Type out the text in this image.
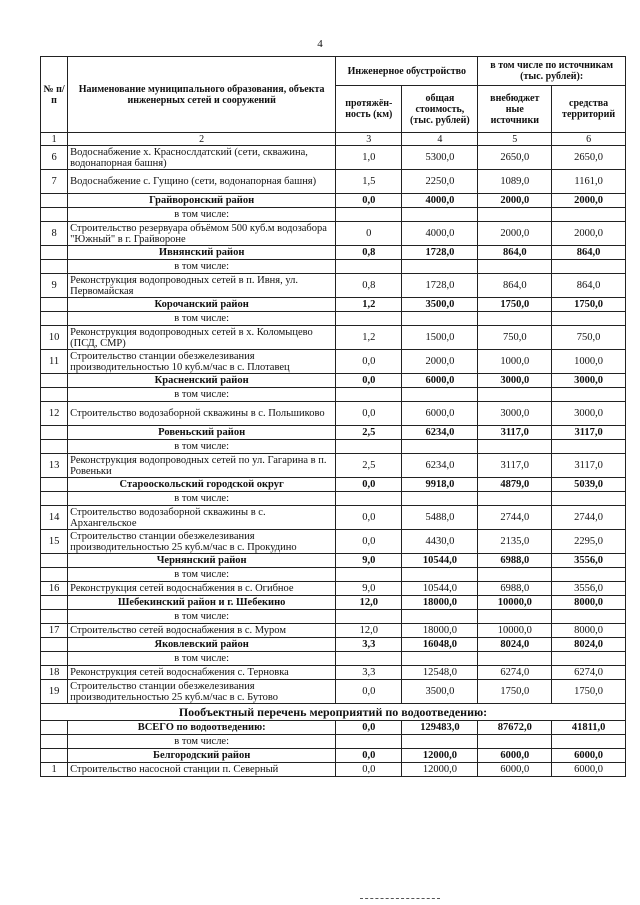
4
№ п/п	Наименование муниципального образования, объекта инженерных сетей и сооружений	Инженерное обустройство		в том числе по источникам (тыс. рублей):	
		протяжён-ность (км)	общая стоимость, (тыс. рублей)	внебюджет ные источники	средства территорий
1	2	3	4	5	6
6	Водоснабжение х. Краснослдатский (сети, скважина, водонапорная башня)	1,0	5300,0	2650,0	2650,0
7	Водоснабжение с. Гущино (сети, водонапорная башня)	1,5	2250,0	1089,0	1161,0
	Грайворонский район	0,0	4000,0	2000,0	2000,0
	в том числе:				
8	Строительство резервуара объёмом 500 куб.м водозабора "Южный" в г. Грайвороне	0	4000,0	2000,0	2000,0
	Ивнянский район	0,8	1728,0	864,0	864,0
	в том числе:				
9	Реконструкция водопроводных сетей в п. Ивня, ул. Первомайская	0,8	1728,0	864,0	864,0
	Корочанский район	1,2	3500,0	1750,0	1750,0
	в том числе:				
10	Реконструкция водопроводных сетей в х. Коломыцево (ПСД, СМР)	1,2	1500,0	750,0	750,0
11	Строительство станции обезжелезивания производительностью 10 куб.м/час в с. Плотавец	0,0	2000,0	1000,0	1000,0
	Красненский район	0,0	6000,0	3000,0	3000,0
	в том числе:				
12	Строительство водозаборной скважины в с. Польшиково	0,0	6000,0	3000,0	3000,0
	Ровеньский район	2,5	6234,0	3117,0	3117,0
	в том числе:				
13	Реконструкция водопроводных сетей по ул. Гагарина в п. Ровеньки	2,5	6234,0	3117,0	3117,0
	Старооскольский городской округ	0,0	9918,0	4879,0	5039,0
	в том числе:				
14	Строительство водозаборной скважины в с. Архангельское	0,0	5488,0	2744,0	2744,0
15	Строительство станции обезжелезивания производительностью 25 куб.м/час в с. Прокудино	0,0	4430,0	2135,0	2295,0
	Чернянский район	9,0	10544,0	6988,0	3556,0
	в том числе:				
16	Реконструкция сетей водоснабжения в с. Огибное	9,0	10544,0	6988,0	3556,0
	Шебекинский район и г. Шебекино	12,0	18000,0	10000,0	8000,0
	в том числе:				
17	Строительство сетей водоснабжения в с. Муром	12,0	18000,0	10000,0	8000,0
	Яковлевский район	3,3	16048,0	8024,0	8024,0
	в том числе:				
18	Реконструкция сетей водоснабжения с. Терновка	3,3	12548,0	6274,0	6274,0
19	Строительство станции обезжелезивания производительностью 25 куб.м/час в с. Бутово	0,0	3500,0	1750,0	1750,0
Пообъектный перечень мероприятий по водоотведению:					
	ВСЕГО по водоотведению:	0,0	129483,0	87672,0	41811,0
	в том числе:				
	Белгородский район	0,0	12000,0	6000,0	6000,0
1	Строительство насосной станции п. Северный	0,0	12000,0	6000,0	6000,0
